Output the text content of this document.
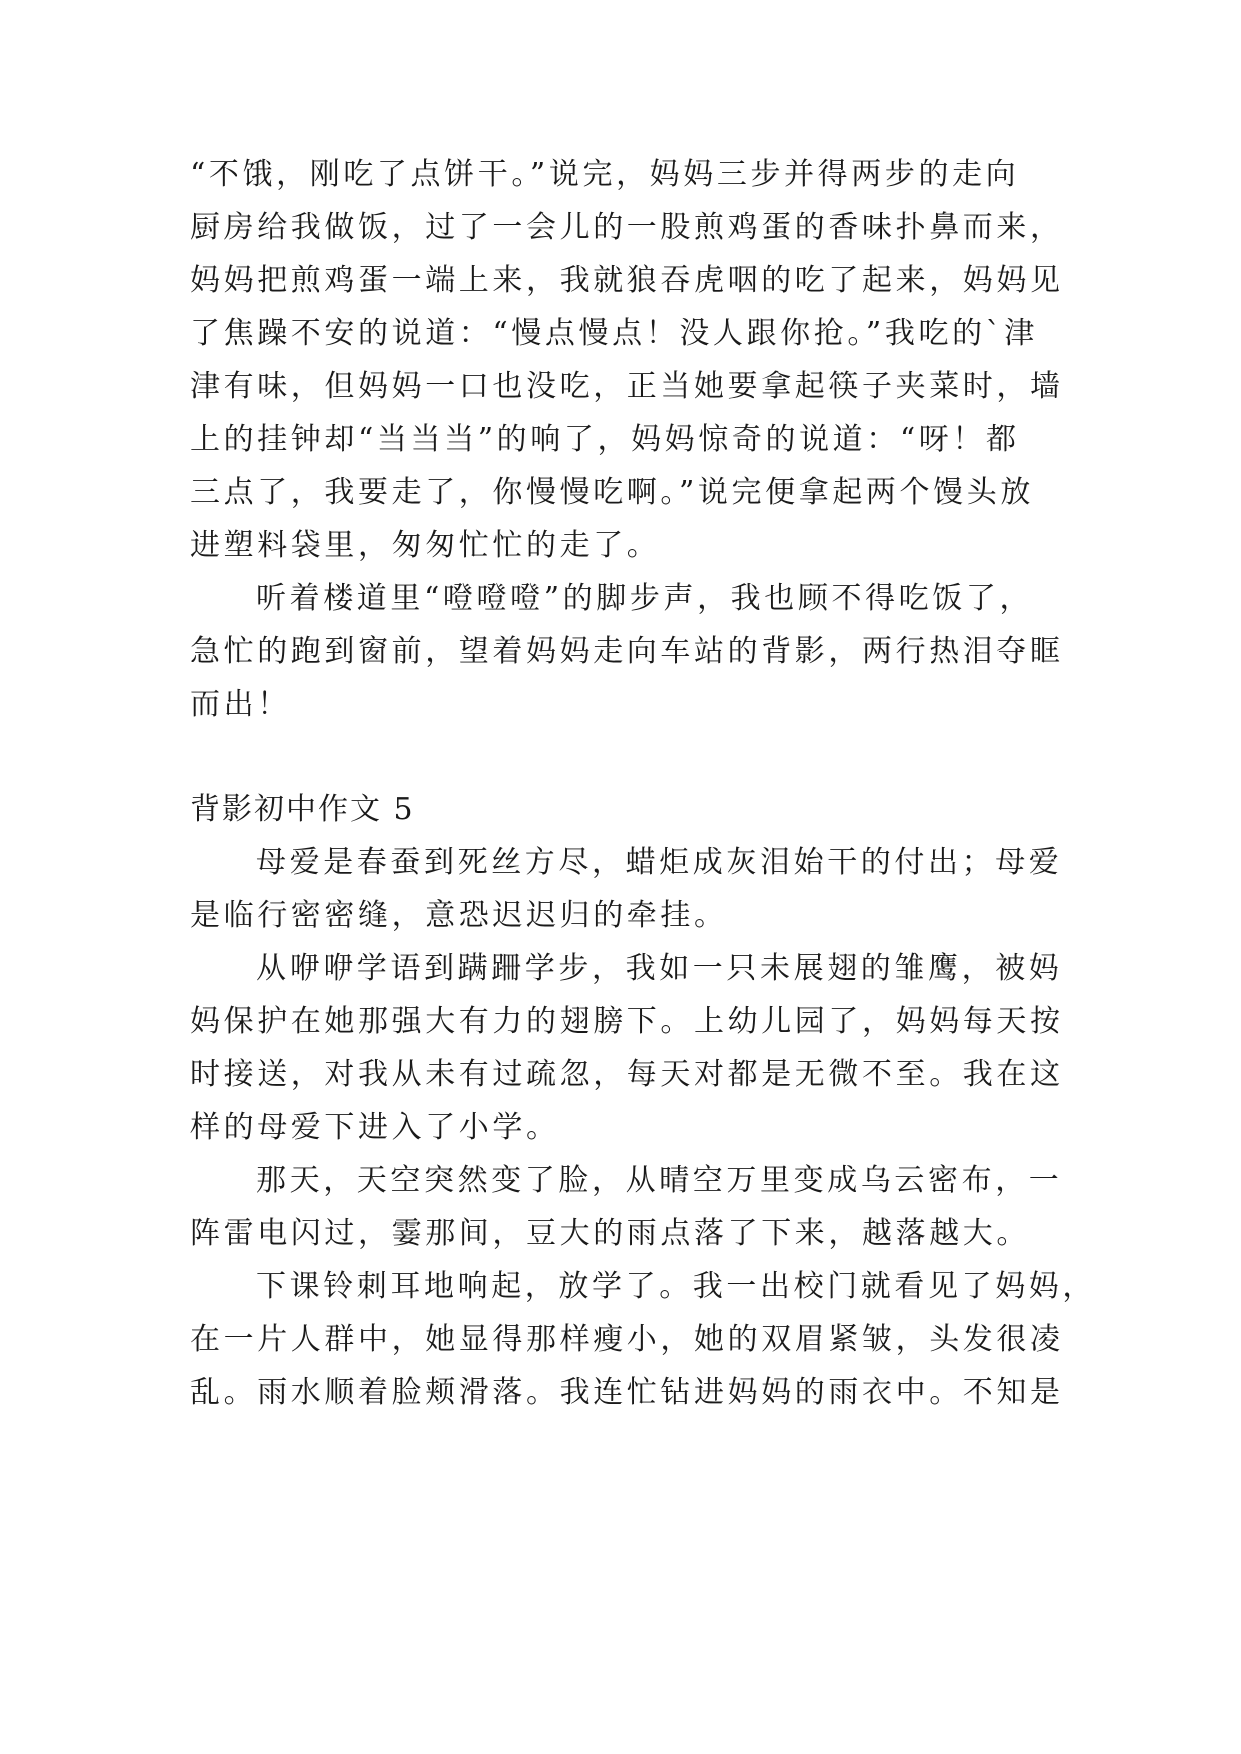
“不饿，刚吃了点饼干。”说完，妈妈三步并得两步的走向
厨房给我做饭，过了一会儿的一股煎鸡蛋的香味扑鼻而来，
妈妈把煎鸡蛋一端上来，我就狼吞虎咽的吃了起来，妈妈见
了焦躁不安的说道：“慢点慢点！没人跟你抢。”我吃的`津
津有味，但妈妈一口也没吃，正当她要拿起筷子夹菜时，墙
上的挂钟却“当当当”的响了，妈妈惊奇的说道：“呀！都
三点了，我要走了，你慢慢吃啊。”说完便拿起两个馒头放
进塑料袋里，匆匆忙忙的走了。
听着楼道里“噔噔噔”的脚步声，我也顾不得吃饭了，
急忙的跑到窗前，望着妈妈走向车站的背影，两行热泪夺眶
而出！
背影初中作文 5
母爱是春蚕到死丝方尽，蜡炬成灰泪始干的付出；母爱
是临行密密缝，意恐迟迟归的牵挂。
从咿咿学语到蹒跚学步，我如一只未展翅的雏鹰，被妈
妈保护在她那强大有力的翅膀下。上幼儿园了，妈妈每天按
时接送，对我从未有过疏忽，每天对都是无微不至。我在这
样的母爱下进入了小学。
那天，天空突然变了脸，从晴空万里变成乌云密布，一
阵雷电闪过，霎那间，豆大的雨点落了下来，越落越大。
下课铃刺耳地响起，放学了。我一出校门就看见了妈妈，
在一片人群中，她显得那样瘦小，她的双眉紧皱，头发很凌
乱。雨水顺着脸颊滑落。我连忙钻进妈妈的雨衣中。不知是
